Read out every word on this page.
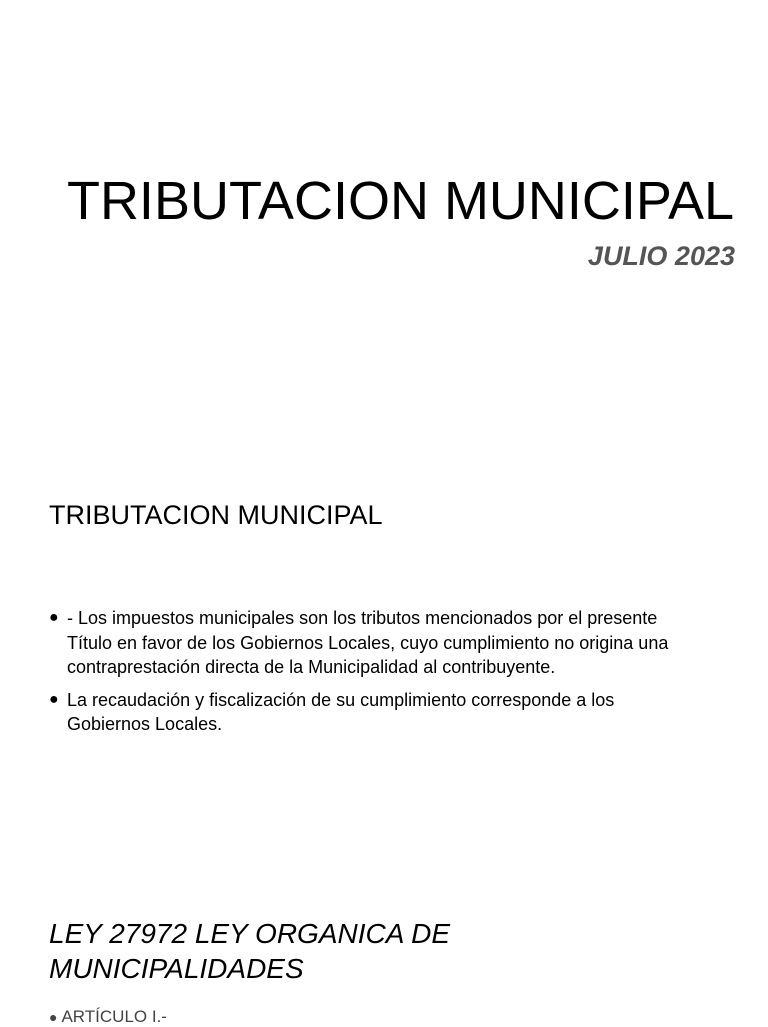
TRIBUTACION MUNICIPAL

JULIO 2023

TRIBUTACION MUNICIPAL
● - Los impuestos municipales son los tributos mencionados por el presente Título en favor de los Gobiernos Locales, cuyo cumplimiento no origina una contraprestación directa de la Municipalidad al contribuyente.
● La recaudación y fiscalización de su cumplimiento corresponde a los Gobiernos Locales.
LEY 27972 LEY ORGANICA DE
MUNICIPALIDADES

● ARTÍCULO I.-
